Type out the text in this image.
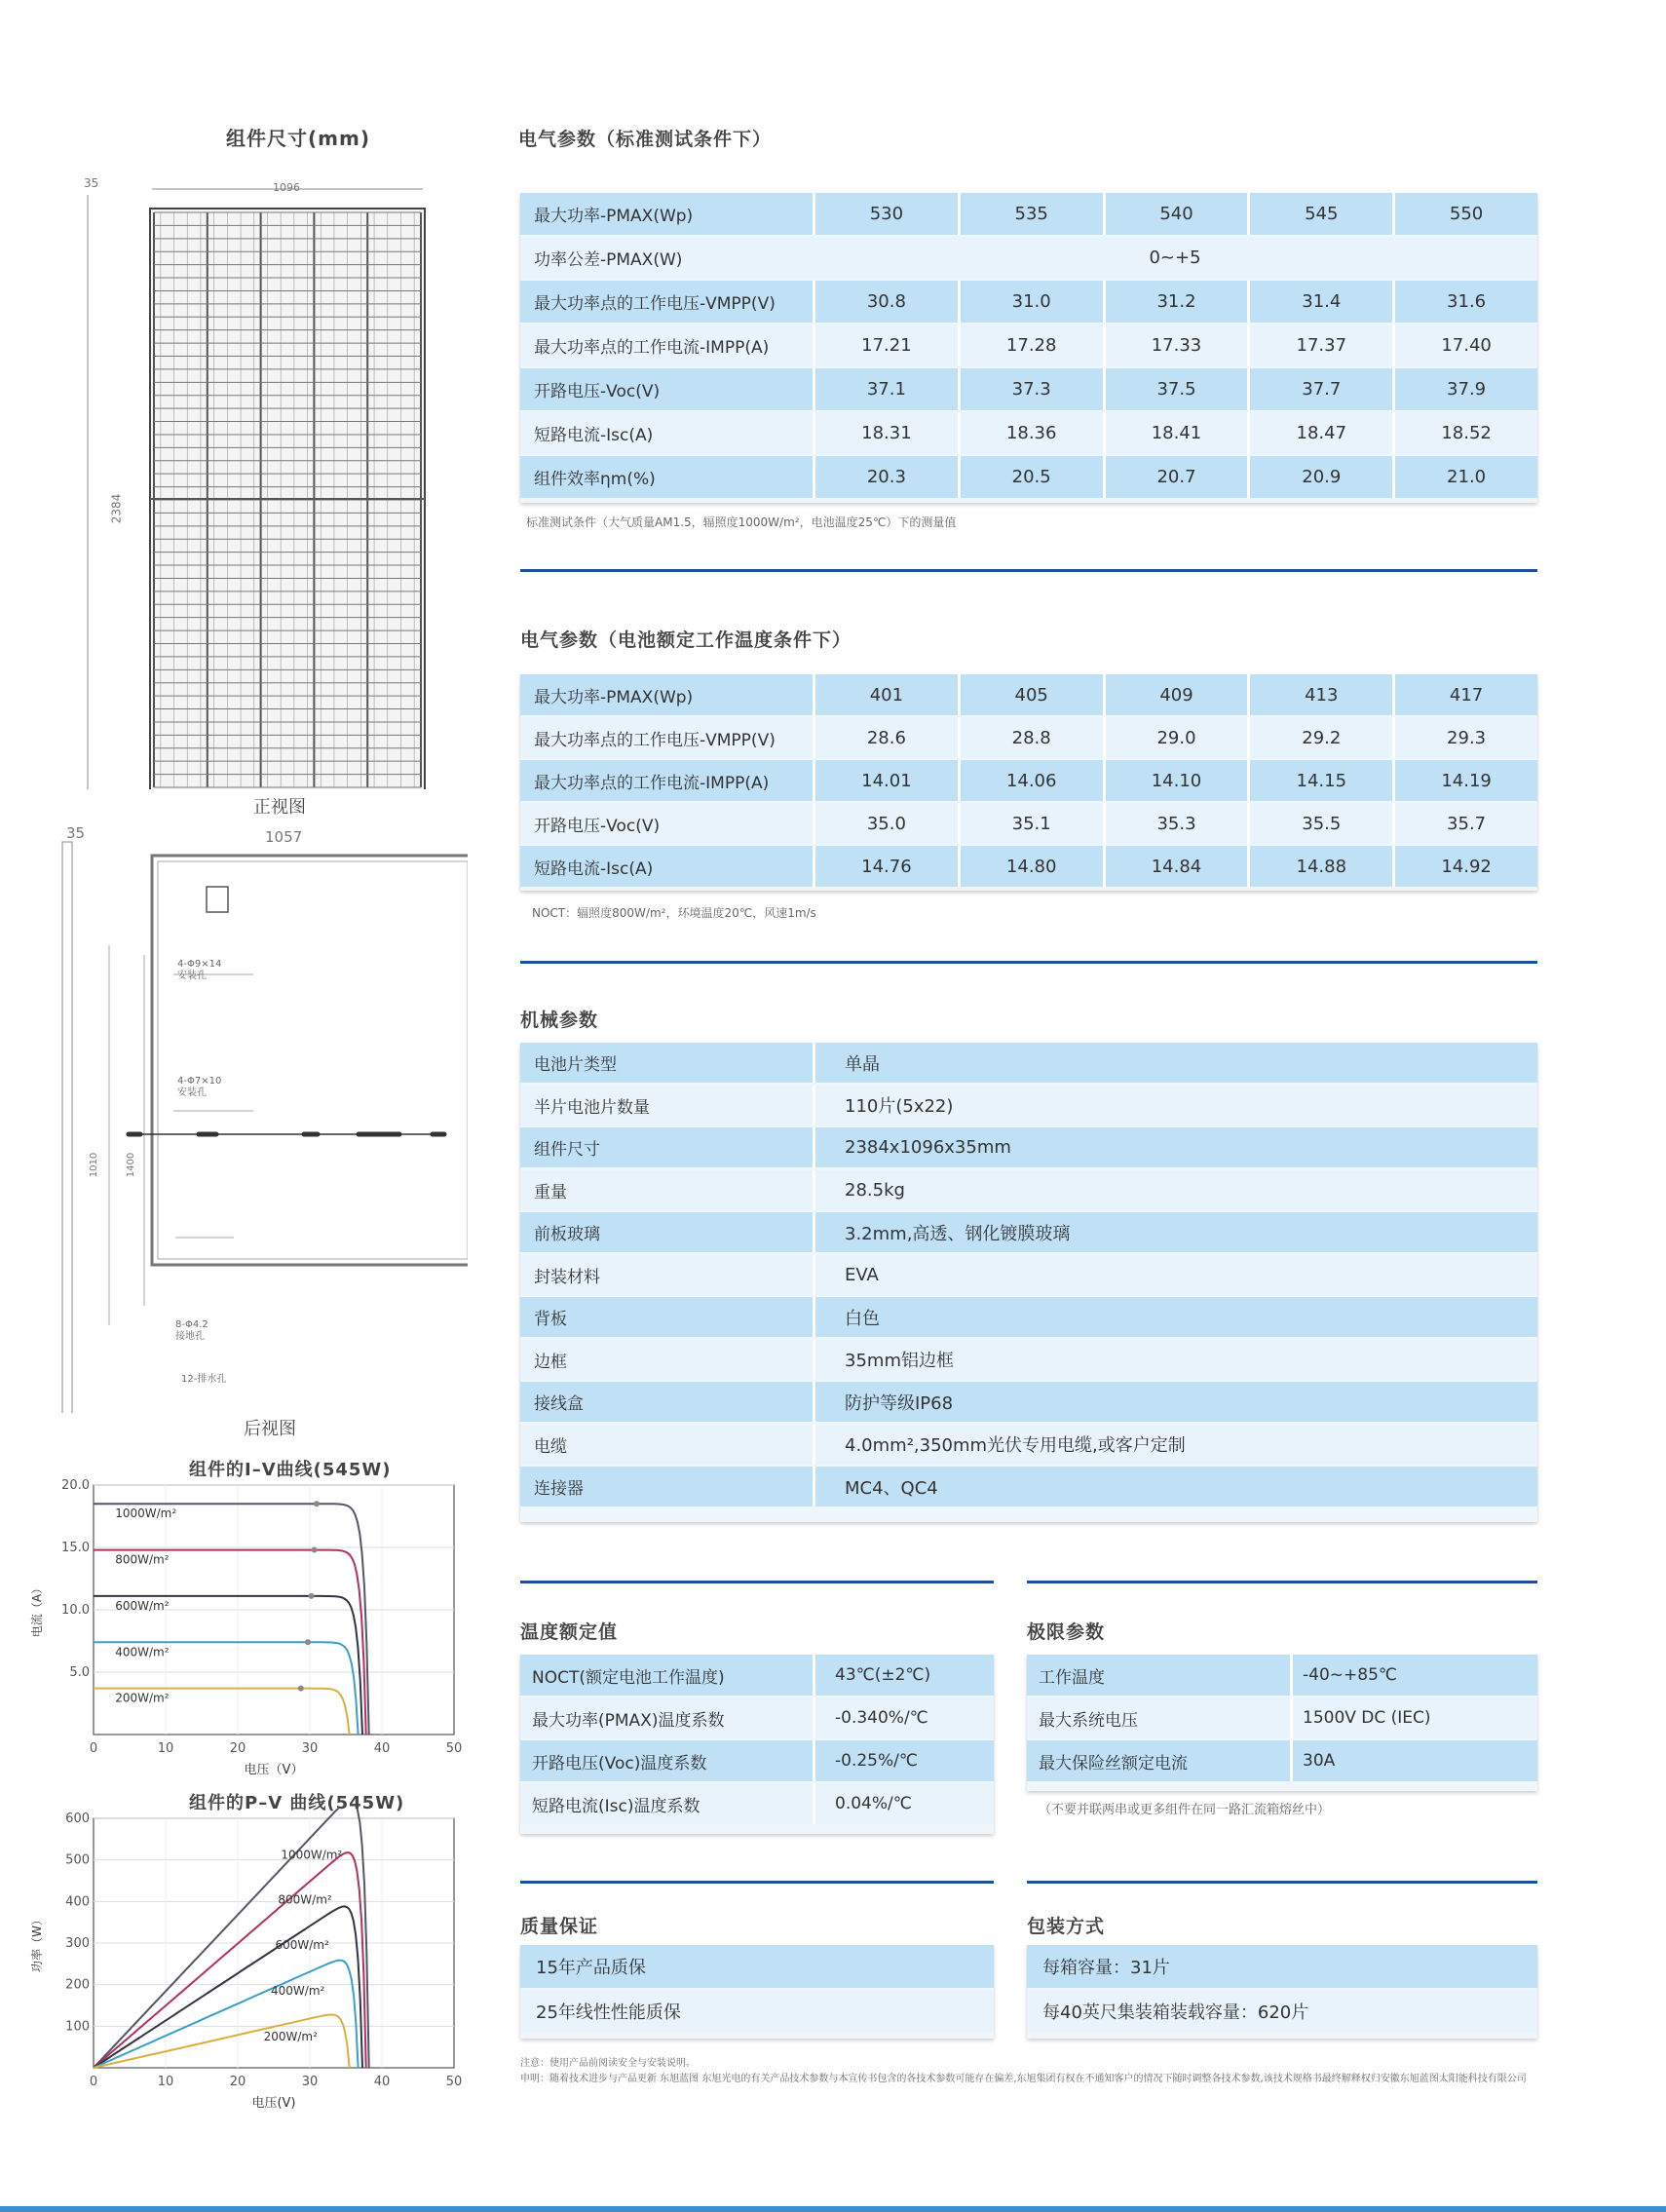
组件尺寸(mm)
35	1096
2384
正视图
35	1057
4-Φ9×14
安装孔
4-Φ7×10
安装孔
1010	1400
8-Φ4.2
接地孔
12-排水孔
后视图
组件的I–V曲线(545W)
20.0
15.0
10.0
5.0
0	10	20	30	40	50
电压（V）
电流（A）
1000W/m²
800W/m²
600W/m²
400W/m²
200W/m²
组件的P–V 曲线(545W)
600
500
400
300
200
100
0	10	20	30	40	50
电压(V)
功率（W）
1000W/m²
800W/m²
600W/m²
400W/m²
200W/m²
电气参数（标准测试条件下）
最大功率-PMAX(Wp)	530	535	540	545	550
功率公差-PMAX(W)	0~+5
最大功率点的工作电压-VMPP(V)	30.8	31.0	31.2	31.4	31.6
最大功率点的工作电流-IMPP(A)	17.21	17.28	17.33	17.37	17.40
开路电压-Voc(V)	37.1	37.3	37.5	37.7	37.9
短路电流-Isc(A)	18.31	18.36	18.41	18.47	18.52
组件效率ηm(%)	20.3	20.5	20.7	20.9	21.0
标准测试条件（大气质量AM1.5，辐照度1000W/m²，电池温度25℃）下的测量值
电气参数（电池额定工作温度条件下）
最大功率-PMAX(Wp)	401	405	409	413	417
最大功率点的工作电压-VMPP(V)	28.6	28.8	29.0	29.2	29.3
最大功率点的工作电流-IMPP(A)	14.01	14.06	14.10	14.15	14.19
开路电压-Voc(V)	35.0	35.1	35.3	35.5	35.7
短路电流-Isc(A)	14.76	14.80	14.84	14.88	14.92
NOCT：辐照度800W/m²，环境温度20℃，风速1m/s
机械参数
电池片类型	单晶
半片电池片数量	110片(5x22)
组件尺寸	2384x1096x35mm
重量	28.5kg
前板玻璃	3.2mm,高透、钢化镀膜玻璃
封装材料	EVA
背板	白色
边框	35mm铝边框
接线盒	防护等级IP68
电缆	4.0mm²,350mm光伏专用电缆,或客户定制
连接器	MC4、QC4
温度额定值
NOCT(额定电池工作温度)	43℃(±2℃)
最大功率(PMAX)温度系数	-0.340%/℃
开路电压(Voc)温度系数	-0.25%/℃
短路电流(Isc)温度系数	0.04%/℃
极限参数
工作温度	-40~+85℃
最大系统电压	1500V DC (IEC)
最大保险丝额定电流	30A
（不要并联两串或更多组件在同一路汇流箱熔丝中）
质量保证
15年产品质保
25年线性性能质保
包装方式
每箱容量：31片
每40英尺集装箱装载容量：620片
注意：使用产品前阅读安全与安装说明。
申明：随着技术进步与产品更新 东旭蓝图 东旭光电的有关产品技术参数与本宣传书包含的各技术参数可能存在偏差,东旭集团有权在不通知客户的情况下随时调整各技术参数,该技术规格书最终解释权归安徽东旭蓝图太阳能科技有限公司
